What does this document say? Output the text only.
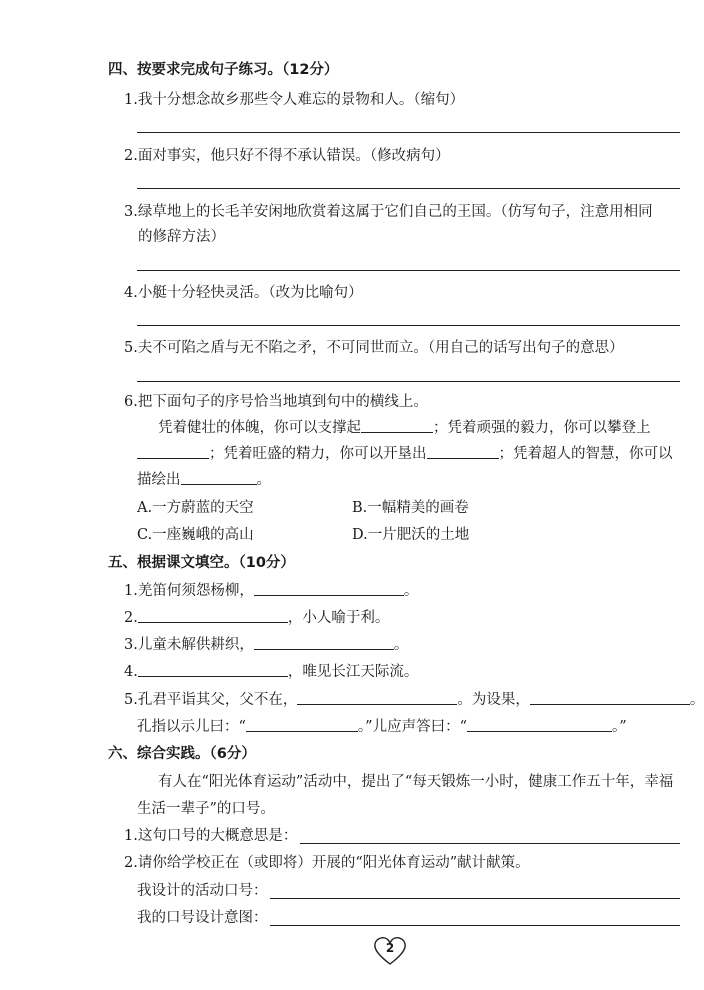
四、按要求完成句子练习。（12分）
1.我十分想念故乡那些令人难忘的景物和人。（缩句）
2.面对事实，他只好不得不承认错误。（修改病句）
3.绿草地上的长毛羊安闲地欣赏着这属于它们自己的王国。（仿写句子，注意用相同
的修辞方法）
4.小艇十分轻快灵活。（改为比喻句）
5.夫不可陷之盾与无不陷之矛，不可同世而立。（用自己的话写出句子的意思）
6.把下面句子的序号恰当地填到句中的横线上。
凭着健壮的体魄，你可以支撑起	；凭着顽强的毅力，你可以攀登上
；凭着旺盛的精力，你可以开垦出	；凭着超人的智慧，你可以
描绘出	。
A.一方蔚蓝的天空	B.一幅精美的画卷
C.一座巍峨的高山	D.一片肥沃的土地
五、根据课文填空。（10分）
1.羌笛何须怨杨柳，	。
2.	，小人喻于利。
3.儿童未解供耕织，	。
4.	，唯见长江天际流。
5.孔君平诣其父，父不在，	。为设果，	。
孔指以示儿曰：“	。”儿应声答曰：“	。”
六、综合实践。（6分）
有人在“阳光体育运动”活动中，提出了“每天锻炼一小时，健康工作五十年，幸福
生活一辈子”的口号。
1.这句口号的大概意思是：
2.请你给学校正在（或即将）开展的“阳光体育运动”献计献策。
我设计的活动口号：
我的口号设计意图：
2
